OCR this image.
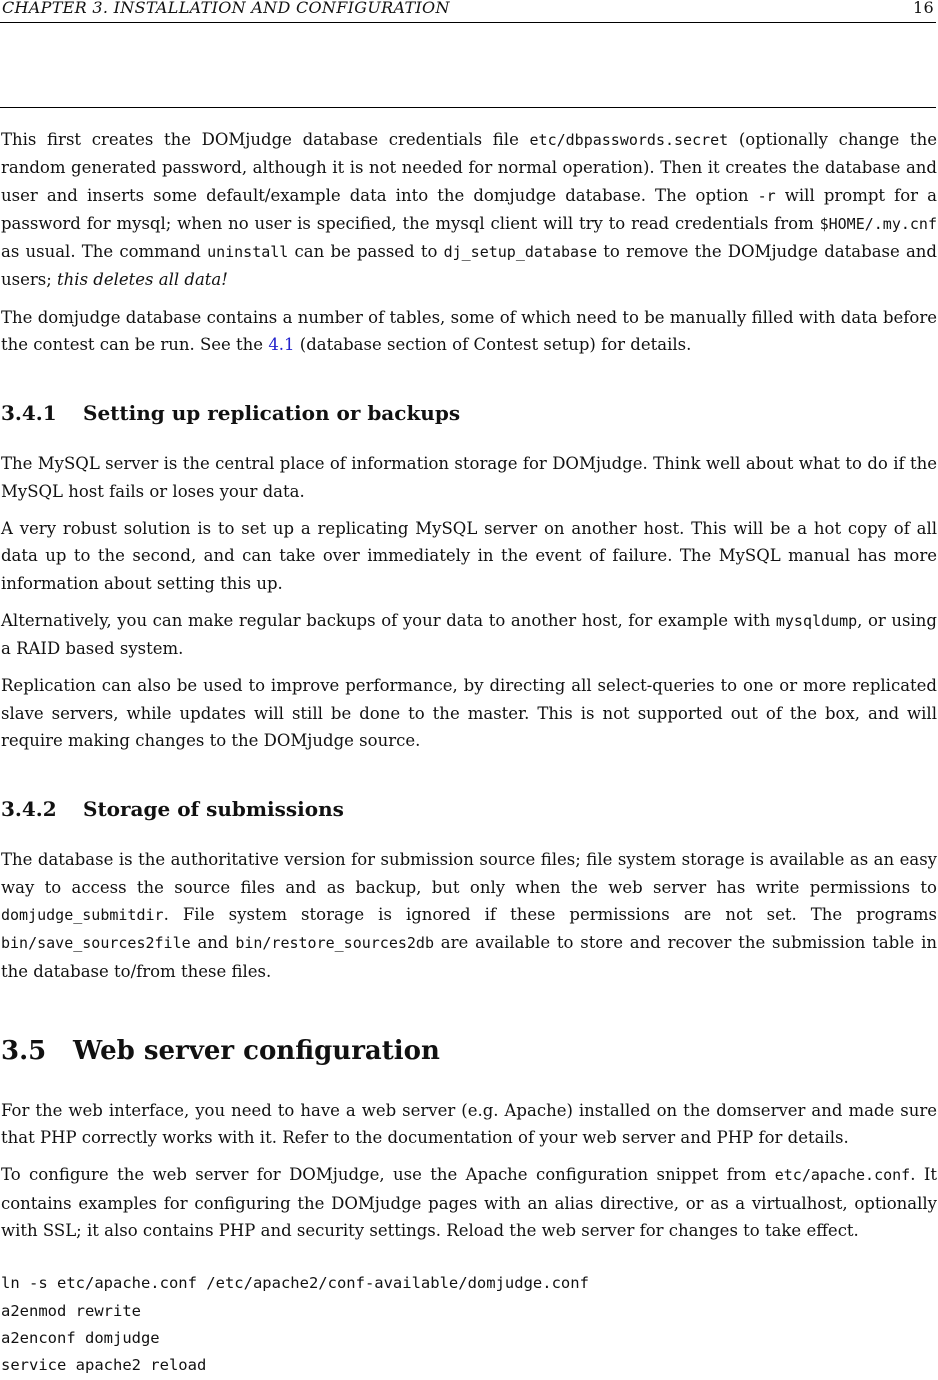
CHAPTER 3. INSTALLATION AND CONFIGURATION	16

This first creates the DOMjudge database credentials file etc/dbpasswords.secret (optionally change the random generated password, although it is not needed for normal operation). Then it creates the database and user and inserts some default/example data into the domjudge database. The option -r will prompt for a password for mysql; when no user is specified, the mysql client will try to read credentials from $HOME/.my.cnf as usual. The command uninstall can be passed to dj_setup_database to remove the DOMjudge database and users; this deletes all data!

The domjudge database contains a number of tables, some of which need to be manually filled with data before the contest can be run. See the 4.1 (database section of Contest setup) for details.

3.4.1 Setting up replication or backups

The MySQL server is the central place of information storage for DOMjudge. Think well about what to do if the MySQL host fails or loses your data.

A very robust solution is to set up a replicating MySQL server on another host. This will be a hot copy of all data up to the second, and can take over immediately in the event of failure. The MySQL manual has more information about setting this up.

Alternatively, you can make regular backups of your data to another host, for example with mysqldump, or using a RAID based system.

Replication can also be used to improve performance, by directing all select-queries to one or more replicated slave servers, while updates will still be done to the master. This is not supported out of the box, and will require making changes to the DOMjudge source.

3.4.2 Storage of submissions

The database is the authoritative version for submission source files; file system storage is available as an easy way to access the source files and as backup, but only when the web server has write permissions to domjudge_submitdir. File system storage is ignored if these permissions are not set. The programs bin/save_sources2file and bin/restore_sources2db are available to store and recover the submission table in the database to/from these files.

3.5 Web server configuration

For the web interface, you need to have a web server (e.g. Apache) installed on the domserver and made sure that PHP correctly works with it. Refer to the documentation of your web server and PHP for details.

To configure the web server for DOMjudge, use the Apache configuration snippet from etc/apache.conf. It contains examples for configuring the DOMjudge pages with an alias directive, or as a virtualhost, optionally with SSL; it also contains PHP and security settings. Reload the web server for changes to take effect.

ln -s etc/apache.conf /etc/apache2/conf-available/domjudge.conf
a2enmod rewrite
a2enconf domjudge
service apache2 reload
